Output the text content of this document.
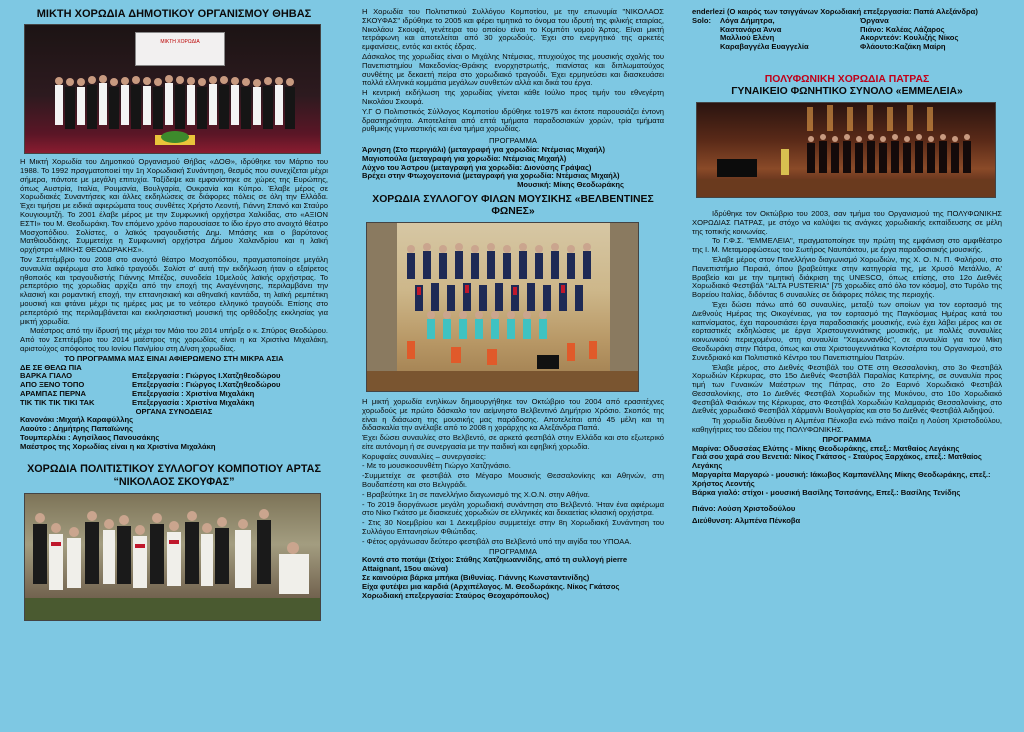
ΜΙΚΤΗ ΧΟΡΩΔΙΑ ΔΗΜΟΤΙΚΟΥ ΟΡΓΑΝΙΣΜΟΥ ΘΗΒΑΣ
ΜΙΚΤΗ ΧΟΡΩΔΙΑ

Η Μικτή Χορωδία του Δημοτικού Οργανισμού Θήβας «ΔΟΘ», ιδρύθηκε τον Μάρτιο του 1988. Το 1992 πραγματοποιεί την 1η Χορωδιακή Συνάντηση, θεσμός που συνεχίζεται μέχρι σήμερα, πάντοτε με μεγάλη επιτυχία. Ταξίδεψε και εμφανίστηκε σε χώρες της Ευρώπης, όπως Αυστρία, Ιταλία, Ρουμανία, Βουλγαρία, Ουκρανία και Κύπρο. Έλαβε μέρος σε Χορωδιακές Συναντήσεις και άλλες εκδηλώσεις σε διάφορες πόλεις σε όλη την Ελλάδα. Έχει τιμήσει με ειδικά αφιερώματα τους συνθέτες Χρήστο Λεοντή, Γιάννη Σπανό και Σταύρο Κουγιουμτζή. Το 2001 έλαβε μέρος με την Συμφωνική ορχήστρα Χαλκίδας, στο «ΑΞΙΟΝ ΕΣΤΙ» του Μ. Θεοδωράκη. Τον επόμενο χρόνο παρουσίασε το ίδιο έργο στο ανοιχτό θέατρο Μοσχοπόδιου. Σολίστες, ο λαϊκός τραγουδιστής Δημ. Μπάσης και ο βαρύτονος Ματθιουδάκης. Συμμετείχε η Συμφωνική ορχήστρα Δήμου Χαλανδρίου και η λαϊκή ορχήστρα «ΜΙΚΗΣ ΘΕΟΔΩΡΑΚΗΣ».

Τον Σεπτέμβριο του 2008 στο ανοιχτό θέατρο Μοσχοπόδιου, πραγματοποίησε μεγάλη συναυλία αφιέρωμα στο λαϊκό τραγούδι. Σολίστ σ' αυτή την εκδήλωση ήταν ο εξαίρετος ηθοποιός και τραγουδιστής Γιάννης Μπέζος, συνοδεία 10μελούς λαϊκής ορχήστρας. Το ρεπερτόριο της χορωδίας αρχίζει από την εποχή της Αναγέννησης, περιλαμβάνει την κλασική και ρομαντική εποχή, την επτανησιακή και αθηναϊκή καντάδα, τη λαϊκή ρεμπέτικη μουσική και φτάνει μέχρι τις ημέρες μας με το νεότερο ελληνικό τραγούδι. Επίσης στο ρεπερτόριό της περιλαμβάνεται και εκκλησιαστική μουσική της ορθόδοξης εκκλησίας για μικτή χορωδία.

Μαέστρος από την ίδρυσή της μέχρι τον Μάιο του 2014 υπήρξε ο κ. Σπύρος Θεοδώρου. Από τον Σεπτέμβριο του 2014 μαέστρος της χορωδίας είναι η κα Χριστίνα Μιχαλάκη, αριστούχος απόφοιτος του Ιονίου Παν/μίου στη Δ/νση χορωδίας.

ΤΟ ΠΡΟΓΡΑΜΜΑ ΜΑΣ ΕΙΝΑΙ ΑΦΙΕΡΩΜΕΝΟ ΣΤΗ ΜΙΚΡΑ ΑΣΙΑ
ΔΕ ΣΕ ΘΕΛΩ ΠΙΑ
ΒΑΡΚΑ ΓΙΑΛΟ	Επεξεργασία : Γιώργος Ι.Χατζηθεοδώρου
ΑΠΟ ΞΕΝΟ ΤΟΠΟ	Επεξεργασία : Γιώργος Ι.Χατζηθεοδώρου
ΑΡΑΜΠΑΣ ΠΕΡΝΑ	Επεξεργασία : Χριστίνα Μιχαλάκη
ΤΙΚ ΤΙΚ ΤΙΚ ΤΙΚΙ ΤΑΚ	Επεξεργασία : Χριστίνα Μιχαλάκη
ΟΡΓΑΝΑ ΣΥΝΟΔΕΙΑΣ
Κανονάκι :Μιχαήλ Καραφύλλης
Λαούτο : Δημήτρης Παπαϊώνης
Τουμπερλέκι : Αγησίλαος Πανουσάκης
Μαέστρος της Χορωδίας είναι η κα Χριστίνα Μιχαλάκη
ΧΟΡΩΔΙΑ ΠΟΛΙΤΙΣΤΙΚΟΥ ΣΥΛΛΟΓΟΥ ΚΟΜΠΟΤΙΟΥ ΑΡΤΑΣ
“ΝΙΚΟΛΑΟΣ ΣΚΟΥΦΑΣ”

Η Χορωδία του Πολιτιστικού Συλλόγου Κομποτίου, με την επωνυμία "ΝΙΚΟΛΑΟΣ ΣΚΟΥΦΑΣ" ιδρύθηκε το 2005 και φέρει τιμητικά το όνομα του ιδρυτή της φιλικής εταιρίας, Νικολάου Σκουφά, γενέτειρα του οποίου είναι το Κομπότι νομού Άρτας. Είναι μικτή τετράφωνη και αποτελείται από 30 χορωδούς. Έχει στο ενεργητικό της αρκετές εμφανίσεις, εντός και εκτός έδρας.

Δάσκαλος της χορωδίας είναι ο Μιχάλης Ντέμσιας, πτυχιούχος της μουσικής σχολής του Πανεπιστημίου Μακεδονίας-Θράκης ενορχηστρωτής, πιανίστας και διπλωματούχος συνθέτης με δεκαετή πείρα στο χορωδιακό τραγούδι. Έχει ερμηνεύσει και διασκευάσει πολλά ελληνικά κομμάτια μεγάλων συνθετών αλλά και δικά του έργα.

Η κεντρική εκδήλωση της χορωδίας γίνεται κάθε Ιούλιο προς τιμήν του εθνεγέρτη Νικολάου Σκουφά.

Υ.Γ Ο Πολιτιστικός Σύλλογος Κομποτίου ιδρύθηκε το1975 και έκτοτε παρουσιάζει έντονη δραστηριότητα. Αποτελείται από επτά τμήματα παραδοσιακών χορών, τρία τμήματα ρυθμικής γυμναστικής και ένα τμήμα χορωδίας.

ΠΡΟΓΡΑΜΜΑ
Άρνηση (Στο περιγιάλι) (μεταγραφή για χορωδία: Ντέμσιας Μιχαήλ)
Μαγιοπούλα (μεταγραφή για χορωδία: Ντέμσιας Μιχαήλ)
Λύχνο του Άστρου (μεταγραφή για χορωδία: Διονύσης Γράψας)
Βρέχει στην Φτωχογειτονιά (μεταγραφή για χορωδία: Ντέμσιας Μιχαήλ)
Μουσική: Μίκης Θεοδωράκης
ΧΟΡΩΔΙΑ ΣΥΛΛΟΓΟΥ ΦΙΛΩΝ ΜΟΥΣΙΚΗΣ «ΒΕΛΒΕΝΤΙΝΕΣ ΦΩΝΕΣ»

Η μικτή χορωδία ενηλίκων δημιουργήθηκε τον Οκτώβριο του 2004 από ερασιτέχνες χορωδούς με πρώτο δάσκαλο τον αείμνηστο Βελβεντινό Δημήτριο Χρόσιο. Σκοπός της είναι η διάσωση της μουσικής μας παράδοσης. Αποτελείται από 45 μέλη και τη διδασκαλία την ανέλαβε από το 2008 η χοράρχης κα Αλεξάνδρα Παπά.

Έχει δώσει συναυλίες στο Βελβεντό, σε αρκετά φεστιβάλ στην Ελλάδα και στο εξωτερικό είτε αυτόνομη ή σε συνεργασία με την παιδική και εφηβική χορωδία.

Κορυφαίες συναυλίες – συνεργασίες:

- Με το μουσικοσυνθέτη Γιώργο Χατζηνάσιο.

-Συμμετείχε σε φεστιβάλ στο Μέγαρο Μουσικής Θεσσαλονίκης και Αθηνών, στη Βουδαπέστη και στο Βελιγράδι.

- Βραβεύτηκε 1η σε πανελλήνιο διαγωνισμό της Χ.Ο.Ν. στην Αθήνα.

- Το 2019 διοργάνωσε μεγάλη χορωδιακή συνάντηση στο Βελβεντό. Ήταν ένα αφιέρωμα στο Νίκο Γκάτσο με διασκευές χορωδιών σε ελληνικές και δεκαετίας κλασική ορχήστρα.

- Στις 30 Νοεμβρίου και 1 Δεκεμβρίου συμμετείχε στην 8η Χορωδιακή Συνάντηση του Συλλόγου Επτανησίων Φθιώτιδας.

- Φέτος οργάνωσαν δεύτερο φεστιβάλ στο Βελβεντό υπό την αιγίδα του ΥΠΟΑΑ.

ΠΡΟΓΡΑΜΜΑ
Κοντά στο ποτάμι (Στίχοι: Στάθης Χατζηιωαννίδης, από τη συλλογή pierre Attaignant, 15ου αιώνα)
Σε καινούρια βάρκα μπήκα (Βιθυνίας. Γιάννης Κωνσταντινίδης)
Είχα φυτέψει μια καρδιά (Αρχιπέλαγος. Μ. Θεοδωράκης. Νίκος Γκάτσος
Χορωδιακή επεξεργασία: Σταύρος Θεοχαρόπουλος)
enderlezi (Ο καιρός των τσιγγάνων Χορωδιακή επεξεργασία: Παπά Αλεξάνδρα)
Solo:	Λόγα Δήμητρα,	Όργανα
	Καστανάρα Άννα	Πιάνο: Καλέας Λάζαρος
	Μαλλιού Ελένη	Ακορντεόν: Κουλιζής Νίκος
	Καραβαγγέλα Ευαγγελία	Φλάουτο:Καζάκη Μαίρη
ΠΟΛΥΦΩΝΙΚΗ ΧΟΡΩΔΙΑ ΠΑΤΡΑΣ
ΓΥΝΑΙΚΕΙΟ ΦΩΝΗΤΙΚΟ ΣΥΝΟΛΟ «ΕΜΜΕΛΕΙΑ»

Ιδρύθηκε τον Οκτώβριο του 2003, σαν τμήμα του Οργανισμού της ΠΟΛΥΦΩΝΙΚΗΣ ΧΟΡΩΔΙΑΣ ΠΑΤΡΑΣ, με στόχο να καλύψει τις ανάγκες χορωδιακής εκπαίδευσης σε μέλη της τοπικής κοινωνίας.

Το Γ.Φ.Σ. "ΕΜΜΕΛΕΙΑ", πραγματοποίησε την πρώτη της εμφάνιση στο αμφιθέατρο της Ι. Μ. Μεταμορφώσεως του Σωτήρος Ναυπάκτου, με έργα παραδοσιακής μουσικής.

Έλαβε μέρος στον Πανελλήνιο διαγωνισμό Χορωδιών, της Χ. Ο. Ν. Π. Φαλήρου, στο Πανεπιστήμιο Πειραιά, όπου βραβεύτηκε στην κατηγορία της, με Χρυσό Μετάλλιο, Α' Βραβείο και με την τιμητική διάκριση της UNESCO, όπως επίσης, στο 12ο Διεθνές Χορωδιακό Φεστιβάλ "ALTA PUSTERIA" [75 χορωδίες από όλο τον κόσμο], στο Τυρόλο της Βορείου Ιταλίας, διδόντας 6 συναυλίες σε διάφορες πόλεις της περιοχής.

Έχει δώσει πάνω από 60 συναυλίες, μεταξύ των οποίων για τον εορτασμό της Διεθνούς Ημέρας της Οικογένειας, για τον εορτασμό της Παγκόσμιας Ημέρας κατά του καπνίσματος, έχει παρουσιάσει έργα παραδοσιακής μουσικής, ενώ έχει λάβει μέρος και σε εορταστικές εκδηλώσεις με έργα Χριστουγεννιάτικης μουσικής, με πολλές συναυλίες κοινωνικού περιεχομένου, στη συναυλία "Χειμωνανθός", σε συναυλία για τον Μίκη Θεοδωράκη στην Πάτρα, όπως και στα Χριστουγεννιάτικα Κοντσέρτα του Οργανισμού, στο Συνεδριακό και Πολιτιστικό Κέντρο του Πανεπιστημίου Πατρών.

Έλαβε μέρος, στο Διεθνές Φεστιβάλ του ΟΤΕ στη Θεσσαλονίκη, στο 3ο Φεστιβάλ Χορωδιών Κέρκυρας, στο 15ο Διεθνές Φεστιβάλ Παραλίας Κατερίνης, σε συναυλία προς τιμή των Γυναικών Μαέστρων της Πάτρας, στο 2ο Εαρινό Χορωδιακό Φεστιβάλ Θεσσαλονίκης, στο 1ο Διεθνές Φεστιβάλ Χορωδιών της Μυκόνου, στο 10ο Χορωδιακό Φεστιβάλ Φαιάκων της Κέρκυρας, στο Φεστιβάλ Χορωδιών Καλαμαριάς Θεσσαλονίκης, στο Διεθνές χορωδιακό Φεστιβάλ Χάρμανλι Βουλγαρίας και στο 5ο Διεθνές Φεστιβάλ Αιδηψού.

Τη χορωδία διευθύνει η Αλμπένα Πένκοβα ενώ πιάνο παίζει η Λούση Χριστοδούλου, καθηγήτριες του Ωδείου της ΠΟΛΥΦΩΝΙΚΗΣ.

ΠΡΟΓΡΑΜΜΑ
Μαρίνα: Οδυσσέας Ελύτης - Μίκης Θεοδωράκης, επεξ.: Ματθαίος Λεγάκης
Γειά σου χαρά σου Βενετιά: Νίκος Γκάτσος - Σταύρος Ξαρχάκος, επεξ.: Ματθαίος Λεγάκης
Μαργαρίτα Μαργαρώ - μουσική: Ιάκωβος Καμπανέλλης Μίκης Θεοδωράκης, επεξ.: Χρήστος Λεοντής
Βάρκα γιαλό: στίχοι - μουσική Βασίλης Τσιτσάνης, Επεξ.: Βασίλης Τενίδης
Πιάνο: Λούση Χριστοδούλου
Διεύθυνση: Αλμπένα Πένκοβα
